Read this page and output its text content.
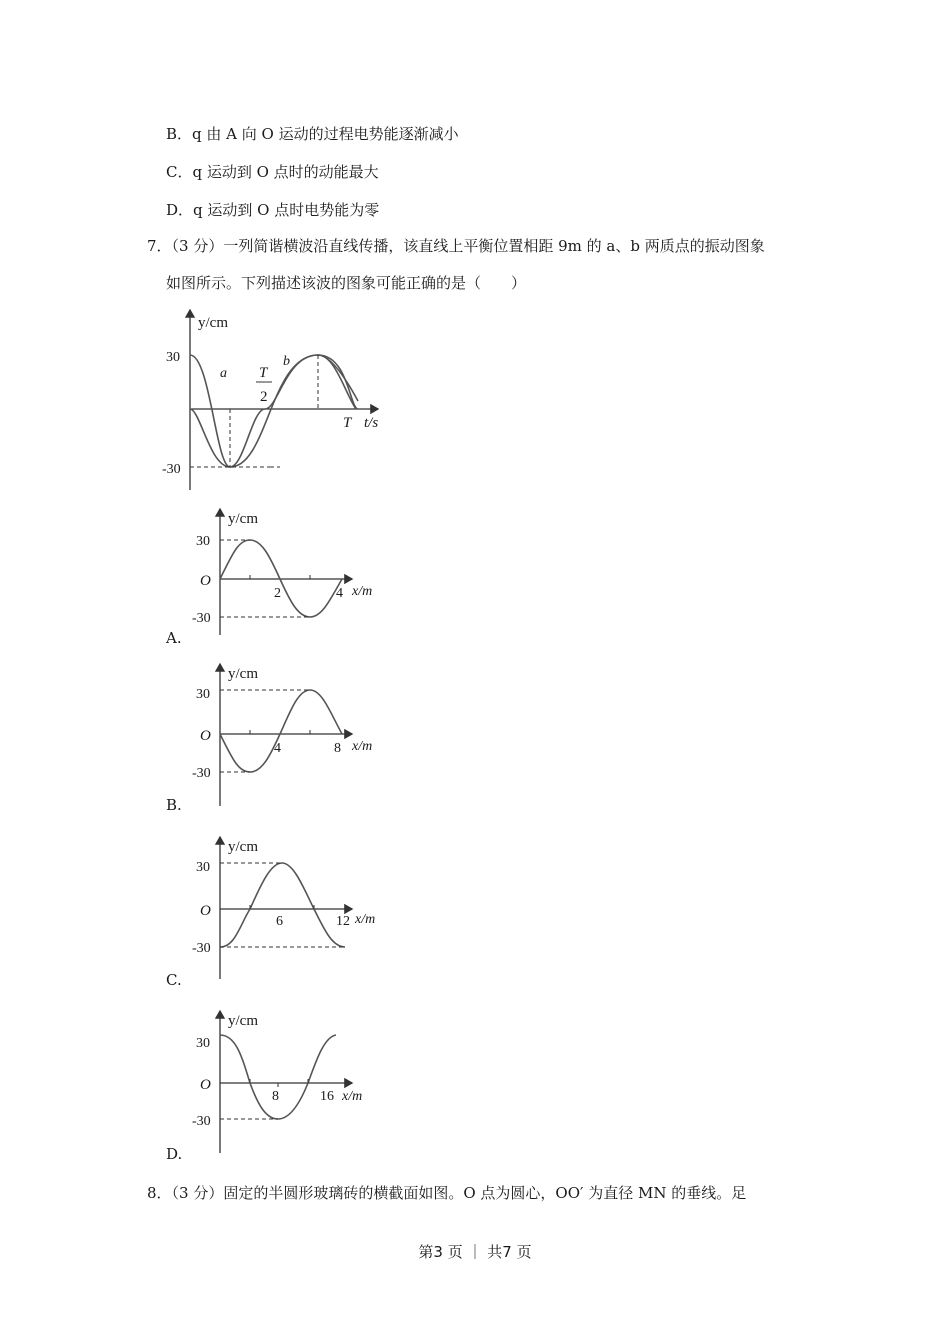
B．q 由 A 向 O 运动的过程电势能逐渐减小
C．q 运动到 O 点时的动能最大
D．q 运动到 O 点时电势能为零
7．（3 分）一列简谐横波沿直线传播，该直线上平衡位置相距 9m 的 a、b 两质点的振动图象
如图所示。下列描述该波的图象可能正确的是（　　）
y/cm
30
-30
a
b
T
2
T t/s
y/cm
30
O
-30
2	4 x/m
A.
y/cm
30
O
-30
4	8 x/m
B.
y/cm
30
O
-30
6	12 x/m
C.
y/cm
30
O
-30
8	16 x/m
D.
8．（3 分）固定的半圆形玻璃砖的横截面如图。O 点为圆心，OO′ 为直径 MN 的垂线。足
第3 页 ｜ 共7 页
